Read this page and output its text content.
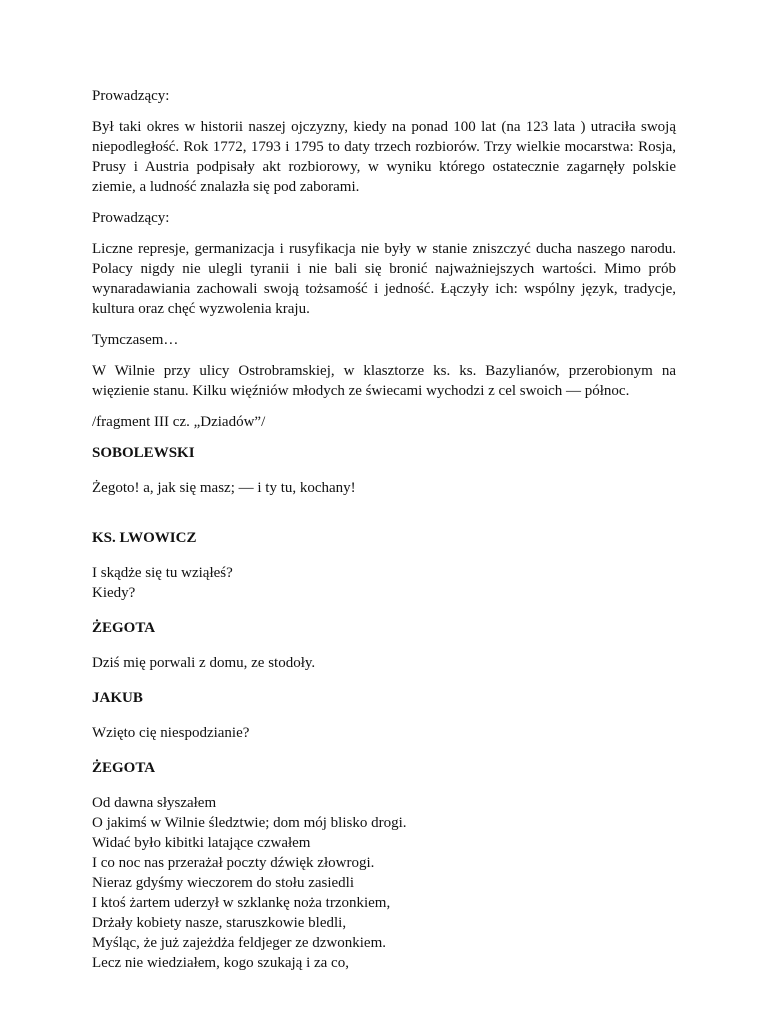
Prowadzący:

Był taki okres w historii naszej ojczyzny, kiedy na ponad 100 lat (na 123 lata ) utraciła swoją niepodległość. Rok 1772, 1793 i 1795 to daty trzech rozbiorów. Trzy wielkie mocarstwa: Rosja, Prusy i Austria podpisały akt rozbiorowy, w wyniku którego ostatecznie zagarnęły polskie ziemie, a ludność znalazła się pod zaborami.

Prowadzący:

Liczne represje, germanizacja i rusyfikacja nie były w stanie zniszczyć ducha naszego narodu. Polacy nigdy nie ulegli tyranii i nie bali się bronić najważniejszych wartości. Mimo prób wynaradawiania zachowali swoją tożsamość i jedność. Łączyły ich: wspólny język, tradycje, kultura oraz chęć wyzwolenia kraju.

Tymczasem…

W Wilnie przy ulicy Ostrobramskiej, w klasztorze ks. ks. Bazylianów, przerobionym na więzienie stanu. Kilku więźniów młodych ze świecami wychodzi z cel swoich — północ.

/fragment III cz. „Dziadów”/

SOBOLEWSKI

Żegoto! a, jak się masz; — i ty tu, kochany!

KS. LWOWICZ

I skądże się tu wziąłeś?

Kiedy?

ŻEGOTA

Dziś mię porwali z domu, ze stodoły.

JAKUB

Wzięto cię niespodzianie?

ŻEGOTA

Od dawna słyszałem

O jakimś w Wilnie śledztwie; dom mój blisko drogi.

Widać było kibitki latające czwałem

I co noc nas przerażał poczty dźwięk złowrogi.

Nieraz gdyśmy wieczorem do stołu zasiedli

I ktoś żartem uderzył w szklankę noża trzonkiem,

Drżały kobiety nasze, staruszkowie bledli,

Myśląc, że już zajeżdża feldjeger ze dzwonkiem.

Lecz nie wiedziałem, kogo szukają i za co,
